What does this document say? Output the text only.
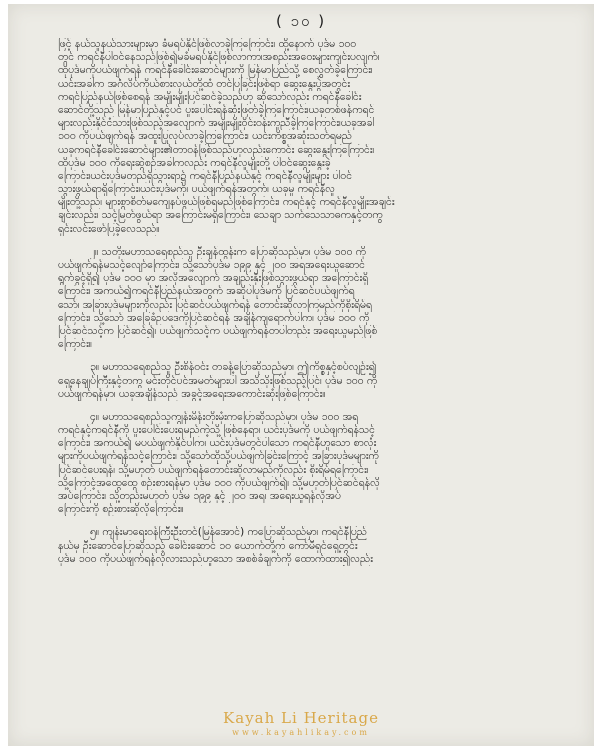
( ၁၀ )
ဖြင့် နယ်သူနယ်သားများမှာ ခံမရပ်နိုင်ဖြစ်လာခဲ့ကြကြောင်း၊ ထို့နောက် ပုဒ်မ ၁၀၀
တွင် ကရင်နီပါဝင်နေသည်ဖြစ်၍မခံမရပ်နိုင်ဖြစ်လာကာ၊အစည်းအဝေးများကျင်းပလျက်၊
ထိုပုဒ်မကိုပယ်ဖျက်ရန် ကရင်နီခေါင်းဆောင်များကို မြန်မာပြည်သို့ စေလွှတ်ခဲ့ကြောင်း၊
ယင်းအခါက အင်္ဂလိပ်ကိုယ်စားလှယ်တို့ထံ တင်ပြခြင်းဖြစ်ရာ ဆွေးနွေးပွဲအတွင်း
ကရင်ပြည်နယ်ဖြစ်စေရန် အမျိုးမျိုးပြင်ဆင်ခဲ့သည်ဟု ဆိုသော်လည်း ကရင်နီခေါင်း
ဆောင်တို့သည် မြန်မာပြည်နှင့်ပင် ပူးပေါင်းရန်ဆုံးဖြတ်ခဲ့ကြကြောင်း၊ယခုတစ်ဖန်ကရင်
များလည်းနိုင်ငံသားဖြစ်သည့်အလျောက် အမျိုးမျိုးဝိုင်းဝန်းကူညီခဲ့ကြကြောင်း၊ယခုအခါ
၁၀၀ ကိုပယ်ဖျက်ရန် အထူးပြုလုပ်လာခဲ့ကြကြောင်း၊ ယင်းကိစ္စအဆုံးသတ်ရမည်
ယခုကရင်နီခေါင်းဆောင်များ၏တာဝန်ဖြစ်သည်ဟုလည်းကောင်း ဆွေးနွေးကြကြောင်း၊
ထိုပုဒ်မ ၁၀၀ ကိုရေးဆွဲစဉ်အခါကလည်း ကရင်နီလူမျိုးတို့ ပါဝင်ဆွေးနွေးခဲ့
ကြောင်း၊ယင်းပုဒ်မတည်ရှိသွားရာ၌ ကရင်နီပြည်နယ်နှင့် ကရင်နီလူမျိုးများ ပါဝင်
သွားဖွယ်ရာရှိကြောင်း၊ယင်းပုဒ်မကို၊ ပယ်ဖျက်ရန်အတွက်၊ ယခုမူ ကရင်နီလူ
မျိုးတို့သည်၊ များစွာစိတ်မကျေနပ်ဖွယ်ဖြစ်ရမည်ဖြစ်ကြောင်း၊ ကရင်နှင့် ကရင်နီလူမျိုးအချင်း
ချင်းလည်း၊ သင့်မြတ်ဖွယ်ရာ အကြောင်းမရှိကြောင်း၊ သေချာ သက်သေသာဓကနှင့်တကွ
ရှင်းလင်းဖော်ပြခဲ့လေသည်။
၂။ သတိုးမဟာသရေစည်သူ ဦးချန်ထွန်းက ပြောဆိုသည်မှာ၊ ပုဒ်မ ၁၀၀ ကို
ပယ်ဖျက်ရန်မသင့်လျော်ကြောင်း၊ သို့သော်ပုဒ်မ ၁၉၉ နှင့် ၂၀၀ အရအရေးယူဆောင်
ရွက်ခွင့်ရှိ၍ ပုဒ်မ ၁၀၀ မှာ အလိုအလျောက် အချည်းနှီးဖြစ်သွားဖွယ်ရာ အကြောင်းရှိ
ကြောင်း၊ အကယ်၍ကရင်နီပြည်နယ်အတွက် အဆိုပါပုဒ်မကို ပြင်ဆင်ပယ်ဖျက်ရ
သော်၊ အခြားပုဒ်မများကိုလည်း ပြင်ဆင်ပယ်ဖျက်ရန် တောင်းဆိုလာကြမည်ကိုစိုးရိမ်ရ
ကြောင်း၊ သို့သော် အခြေခံဥပဒေကိုပြင်ဆင်ရန် အချိန်ကျရောက်ပါက၊ ပုဒ်မ ၁၀၀ ကို
ပြင်ဆင်သင့်က ပြင်ဆင်၍၊ ပယ်ဖျက်သင့်က ပယ်ဖျက်ရန်တပါတည်း အရေးယူမည်ဖြစ်
ကြောင်း။
၃။ မဟာသရေစည်သူ ဦးစိန်ဝင်း တခန့်ပြောဆိုသည်မှာ၊ ဤကိစ္စနှင့်စပ်လျဉ်း၍
ရှေ့နေချုပ်ကြီးနှင့်တကွ မင်းတိုင်ပင်အမတ်များပါ အသိသိုးဖြစ်သည့်ပြင်၊ ပုဒ်မ ၁၀၀ ကို
ပယ်ဖျက်ရန်မှာ၊ ယခုအချိန်သည် အခွင့်အရေးအကောင်းဆုံးဖြစ်ကြောင်း။
၄။ မဟာသရေစည်သူကျွန်းမိန်းတိုးမုံးကပြောဆိုသည်မှာ၊ ပုဒ်မ ၁၀၀ အရ
ကရင်နှင့်ကရင်နီကို ပူးပေါင်းပေးရမည်ကဲ့သို့ ဖြစ်နေရာ၊ ယင်းပုဒ်မကို ပယ်ဖျက်ရန်သင့်
ကြောင်း၊ အကယ်၍ မပယ်ဖျက်နိုင်ပါက၊ ယင်းပုဒ်မတွင်ပါသော ကရင်နီဟူသော စာလုံး
များကိုပယ်ဖျက်ရန်သင့်ကြောင်း၊ သို့သော်ထိုသို့ပယ်ဖျက်ခြင်းကြောင့် အခြားပုဒ်မများကို
ပြင်ဆင်ပေးရန်၊ သို့မဟုတ် ပယ်ဖျက်ရန်တောင်းဆိုလာမည်ကိုလည်း စိုးရိမ်ရကြောင်း၊
သို့ကြောင့်အထွေထွေ စဉ်းစားရန်မှာ ပုဒ်မ ၁၀၀ ကိုပယ်ဖျက်၍၊ သို့မဟုတ်ပြင်ဆင်ရန်လို
အပ်ကြောင်း၊ သို့တည်းမဟုတ် ပုဒ်မ ၁၉၉ နှင့် ၂၀၀ အရ၊ အရေးယူရန်လိုအပ်
ကြောင်းကို စဉ်းစားဆိုလိုကြောင်း။
၅။ ကျန်းမာရေးဝန်ကြီးဦးတင်(မြန်အောင်) ကပြောဆိုသည်မှာ၊ ကရင်နီပြည်
နယ်မှ ဦးဆောင်ပြောဆိုသည့် ခေါင်းဆောင် ၁၀ ယောက်တို့က ကော်မီရှင်ရှေ့တွင်း
ပုဒ်မ ၁၀၀ ကိုပယ်ဖျက်ရန်လိုလားသည်ဟူသော အစစ်ခံချက်ကို ထောက်ထား၍လည်း
Kayah Li Heritage
www.kayahlikay.com
